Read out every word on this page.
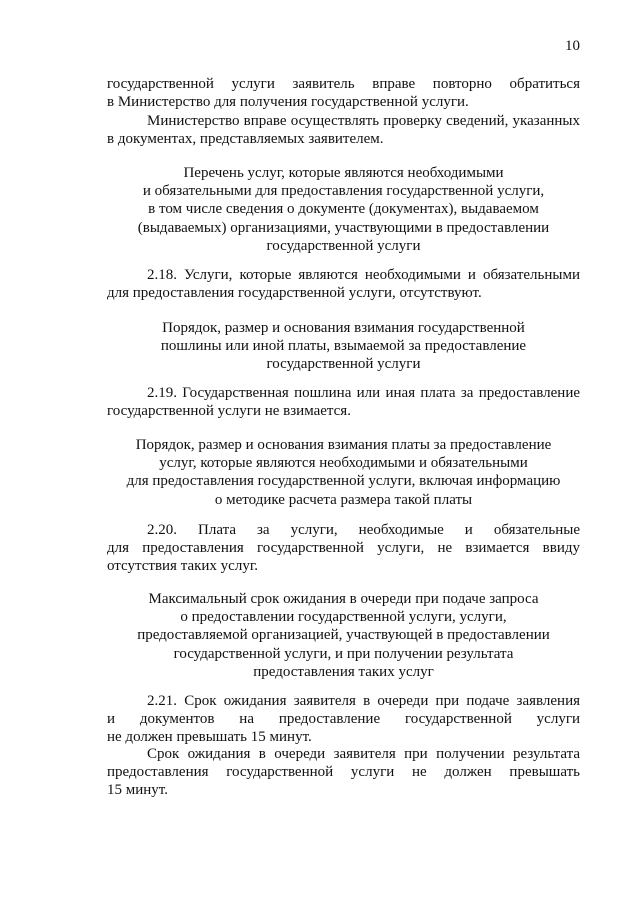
10
государственной услуги заявитель вправе повторно обратиться
в Министерство для получения государственной услуги.
Министерство вправе осуществлять проверку сведений, указанных
в документах, представляемых заявителем.
Перечень услуг, которые являются необходимыми
и обязательными для предоставления государственной услуги,
в том числе сведения о документе (документах), выдаваемом
(выдаваемых) организациями, участвующими в предоставлении
государственной услуги
2.18. Услуги, которые являются необходимыми и обязательными
для предоставления государственной услуги, отсутствуют.
Порядок, размер и основания взимания государственной
пошлины или иной платы, взымаемой за предоставление
государственной услуги
2.19. Государственная пошлина или иная плата за предоставление
государственной услуги не взимается.
Порядок, размер и основания взимания платы за предоставление
услуг, которые являются необходимыми и обязательными
для предоставления государственной услуги, включая информацию
о методике расчета размера такой платы
2.20. Плата за услуги, необходимые и обязательные
для предоставления государственной услуги, не взимается ввиду
отсутствия таких услуг.
Максимальный срок ожидания в очереди при подаче запроса
о предоставлении государственной услуги, услуги,
предоставляемой организацией, участвующей в предоставлении
государственной услуги, и при получении результата
предоставления таких услуг
2.21. Срок ожидания заявителя в очереди при подаче заявления
и документов на предоставление государственной услуги
не должен превышать 15 минут.
Срок ожидания в очереди заявителя при получении результата
предоставления государственной услуги не должен превышать
15 минут.
